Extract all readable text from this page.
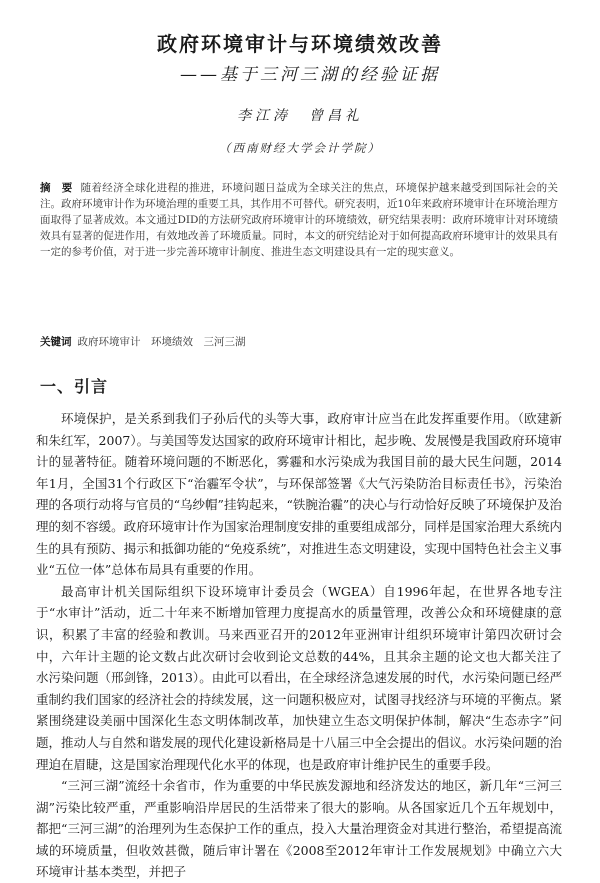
政府环境审计与环境绩效改善
——基于三河三湖的经验证据
李江涛　曾昌礼
（西南财经大学会计学院）
摘　要 随着经济全球化进程的推进，环境问题日益成为全球关注的焦点，环境保护越来越受到国际社会的关注。政府环境审计作为环境治理的重要工具，其作用不可替代。研究表明，近10年来政府环境审计在环境治理方面取得了显著成效。本文通过DID的方法研究政府环境审计的环境绩效，研究结果表明：政府环境审计对环境绩效具有显著的促进作用，有效地改善了环境质量。同时，本文的研究结论对于如何提高政府环境审计的效果具有一定的参考价值，对于进一步完善环境审计制度、推进生态文明建设具有一定的现实意义。
关键词 政府环境审计　环境绩效　三河三湖
一、引言

环境保护，是关系到我们子孙后代的头等大事，政府审计应当在此发挥重要作用。（欧建新和朱红军，2007）。与美国等发达国家的政府环境审计相比，起步晚、发展慢是我国政府环境审计的显著特征。随着环境问题的不断恶化，雾霾和水污染成为我国目前的最大民生问题，2014年1月，全国31个行政区下“治霾军令状”，与环保部签署《大气污染防治目标责任书》，污染治理的各项行动将与官员的“乌纱帽”挂钩起来，“铁腕治霾”的决心与行动恰好反映了环境保护及治理的刻不容缓。政府环境审计作为国家治理制度安排的重要组成部分，同样是国家治理大系统内生的具有预防、揭示和抵御功能的“免疫系统”，对推进生态文明建设，实现中国特色社会主义事业“五位一体”总体布局具有重要的作用。

最高审计机关国际组织下设环境审计委员会（WGEA）自1996年起，在世界各地专注于“水审计”活动，近二十年来不断增加管理力度提高水的质量管理，改善公众和环境健康的意识，积累了丰富的经验和教训。马来西亚召开的2012年亚洲审计组织环境审计第四次研讨会中，六年计主题的论文数占此次研讨会收到论文总数的44%，且其余主题的论文也大都关注了水污染问题（邢剑锋，2013）。由此可以看出，在全球经济急速发展的时代，水污染问题已经严重制约我们国家的经济社会的持续发展，这一问题积极应对，试图寻找经济与环境的平衡点。紧紧围绕建设美丽中国深化生态文明体制改革，加快建立生态文明保护体制，解决“生态赤字”问题，推动人与自然和谐发展的现代化建设新格局是十八届三中全会提出的倡议。水污染问题的治理迫在眉睫，这是国家治理现代化水平的体现，也是政府审计维护民生的重要手段。

“三河三湖”流经十余省市，作为重要的中华民族发源地和经济发达的地区，新几年“三河三湖”污染比较严重，严重影响沿岸居民的生活带来了很大的影响。从各国家近几个五年规划中，都把“三河三湖”的治理列为生态保护工作的重点，投入大量治理资金对其进行整治，希望提高流域的环境质量，但收效甚微，随后审计署在《2008至2012年审计工作发展规划》中确立六大环境审计基本类型，并把子
